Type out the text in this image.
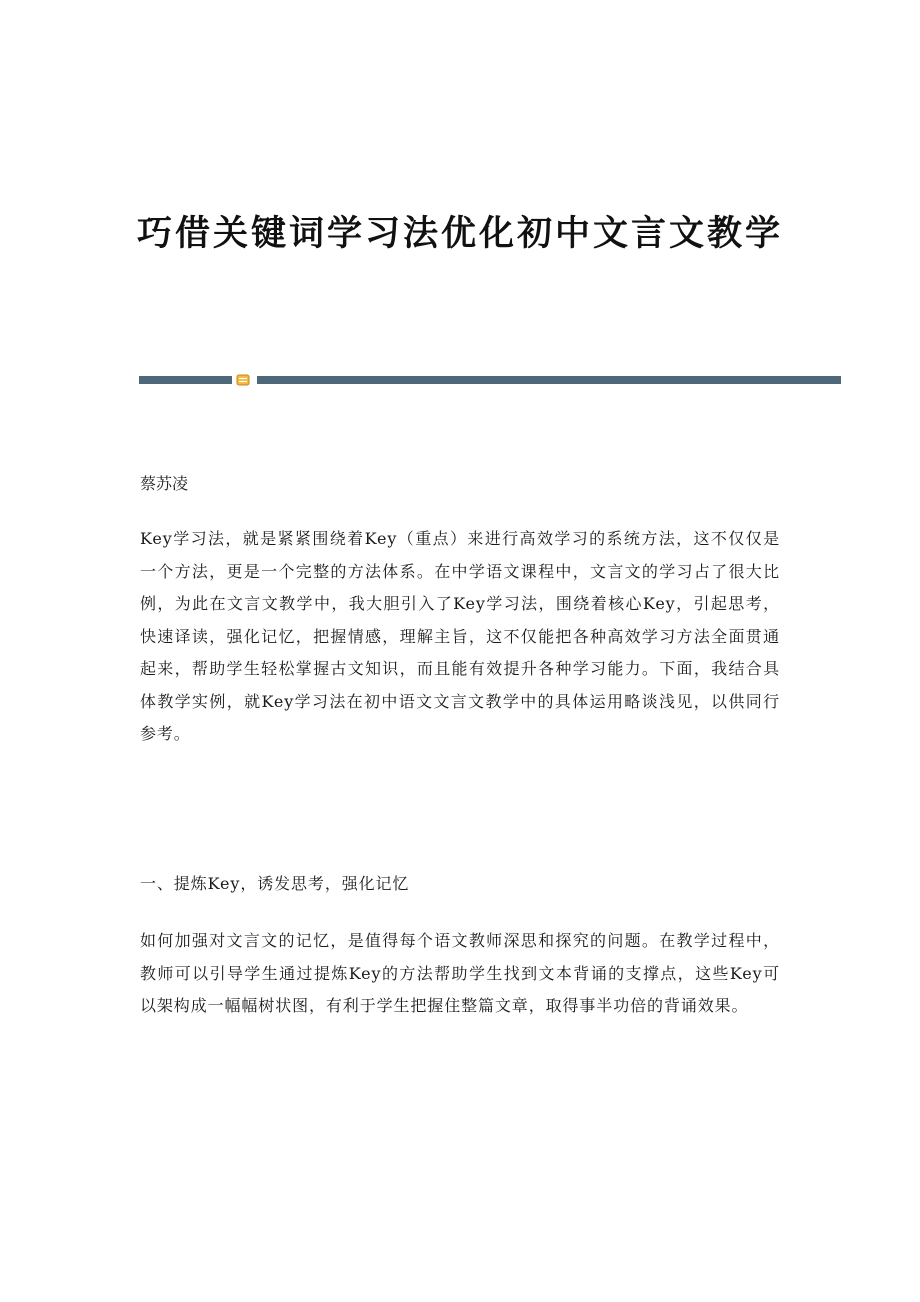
巧借关键词学习法优化初中文言文教学

蔡苏凌

Key学习法，就是紧紧围绕着Key（重点）来进行高效学习的系统方法，这不仅仅是一个方法，更是一个完整的方法体系。在中学语文课程中，文言文的学习占了很大比例，为此在文言文教学中，我大胆引入了Key学习法，围绕着核心Key，引起思考，快速译读，强化记忆，把握情感，理解主旨，这不仅能把各种高效学习方法全面贯通起来，帮助学生轻松掌握古文知识，而且能有效提升各种学习能力。下面，我结合具体教学实例，就Key学习法在初中语文文言文教学中的具体运用略谈浅见，以供同行参考。

一、提炼Key，诱发思考，强化记忆

如何加强对文言文的记忆，是值得每个语文教师深思和探究的问题。在教学过程中，教师可以引导学生通过提炼Key的方法帮助学生找到文本背诵的支撑点，这些Key可以架构成一幅幅树状图，有利于学生把握住整篇文章，取得事半功倍的背诵效果。
